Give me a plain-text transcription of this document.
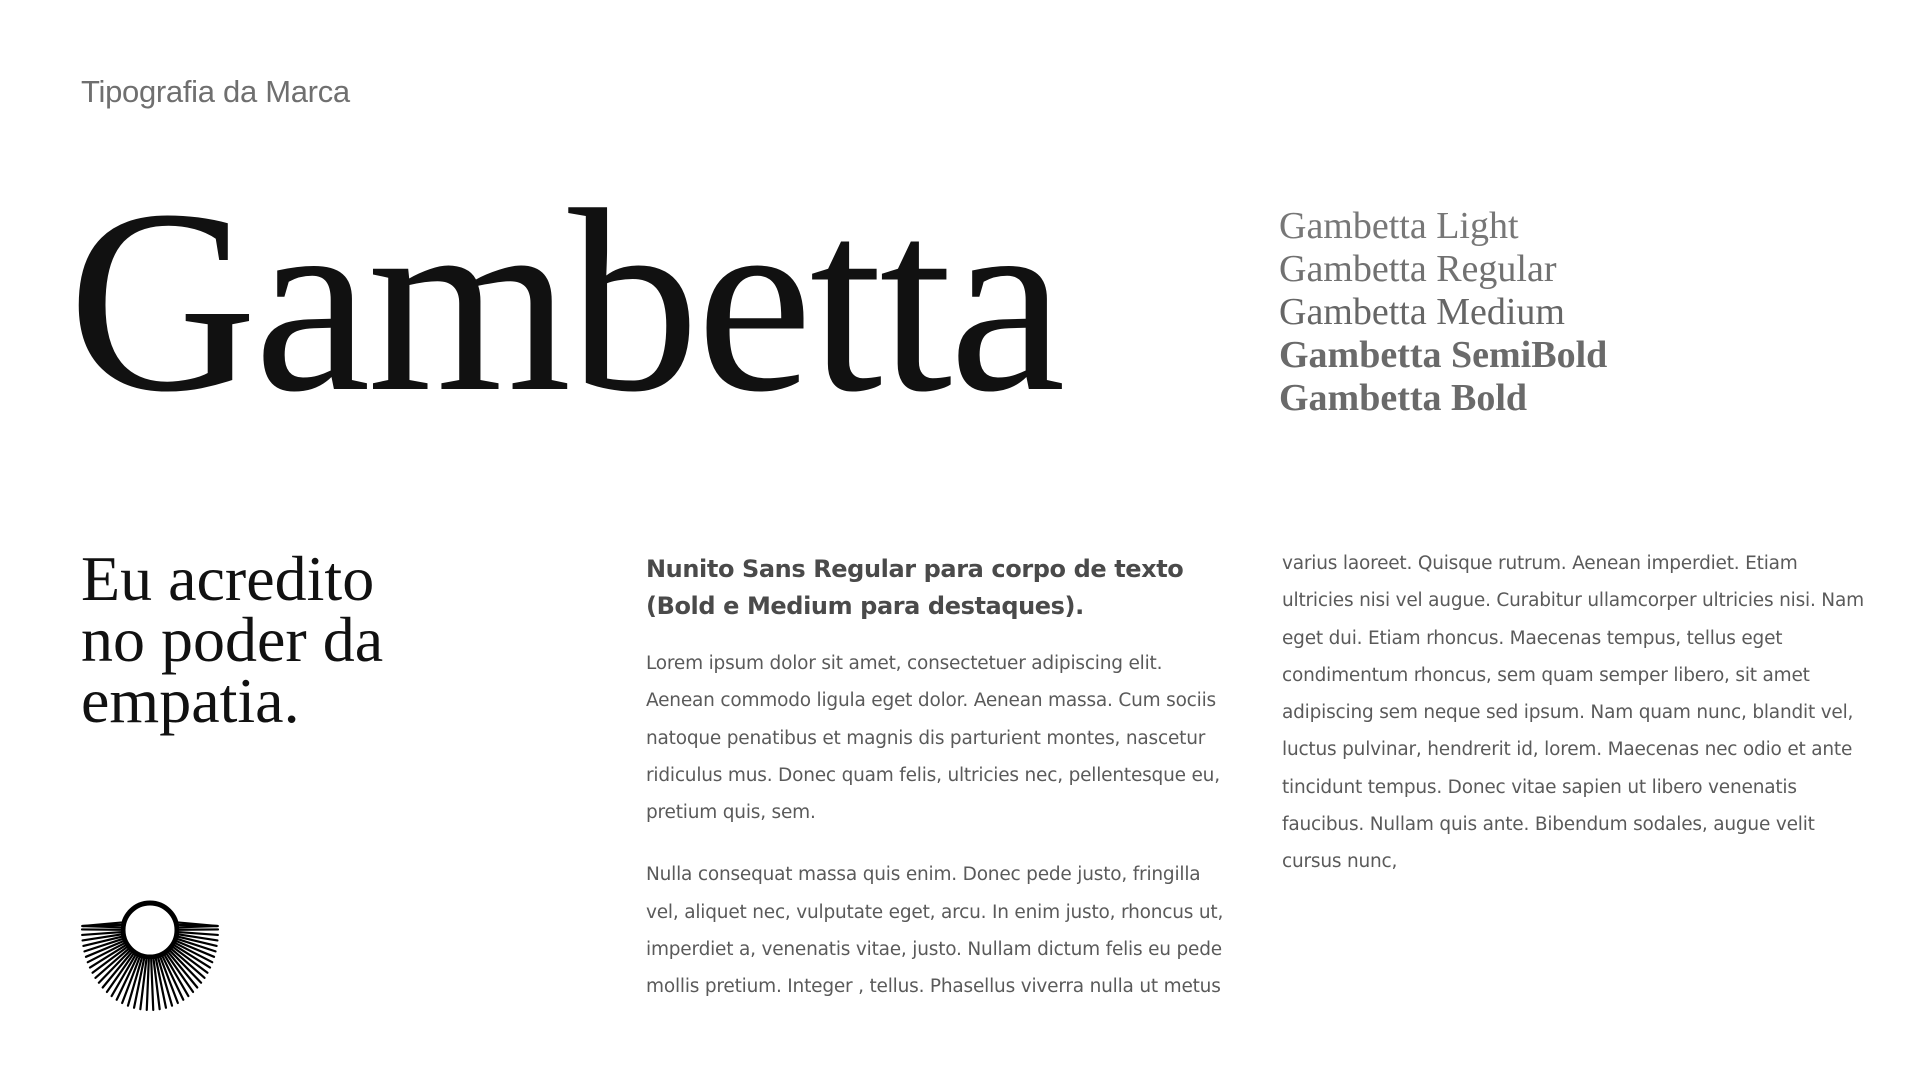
Tipografia da Marca
Gambetta	Gambetta Light
Gambetta Regular
Gambetta Medium
Gambetta SemiBold
Gambetta Bold
Eu acredito
no poder da
empatia.

Nunito Sans Regular para corpo de texto
(Bold e Medium para destaques).

Lorem ipsum dolor sit amet, consectetuer adipiscing elit.
Aenean commodo ligula eget dolor. Aenean massa. Cum sociis
natoque penatibus et magnis dis parturient montes, nascetur
ridiculus mus. Donec quam felis, ultricies nec, pellentesque eu,
pretium quis, sem.

Nulla consequat massa quis enim. Donec pede justo, fringilla
vel, aliquet nec, vulputate eget, arcu. In enim justo, rhoncus ut,
imperdiet a, venenatis vitae, justo. Nullam dictum felis eu pede
mollis pretium. Integer , tellus. Phasellus viverra nulla ut metus

varius laoreet. Quisque rutrum. Aenean imperdiet. Etiam
ultricies nisi vel augue. Curabitur ullamcorper ultricies nisi. Nam
eget dui. Etiam rhoncus. Maecenas tempus, tellus eget
condimentum rhoncus, sem quam semper libero, sit amet
adipiscing sem neque sed ipsum. Nam quam nunc, blandit vel,
luctus pulvinar, hendrerit id, lorem. Maecenas nec odio et ante
tincidunt tempus. Donec vitae sapien ut libero venenatis
faucibus. Nullam quis ante. Bibendum sodales, augue velit
cursus nunc,
